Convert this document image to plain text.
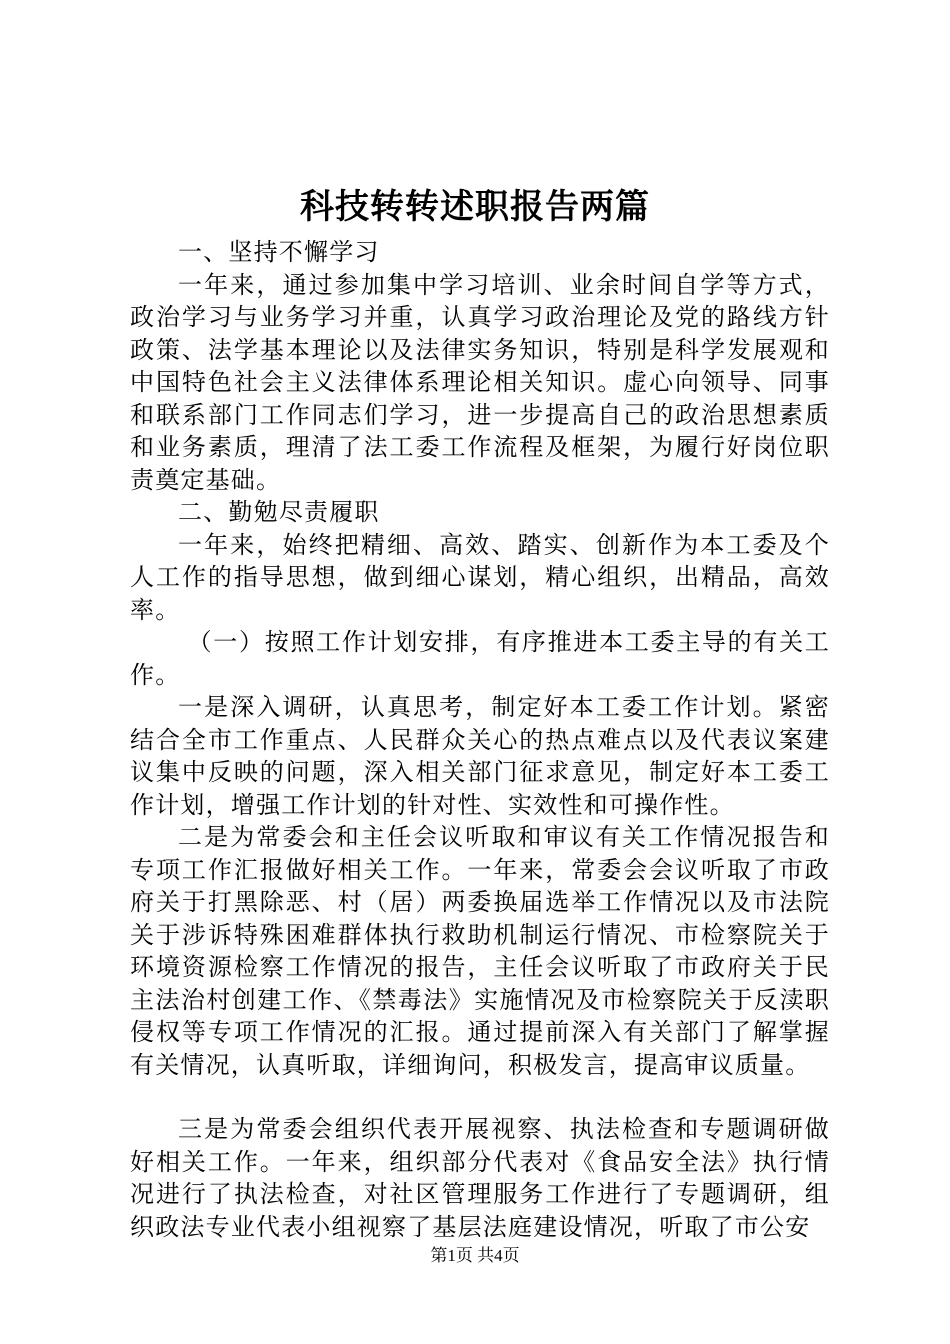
科技转转述职报告两篇

一、坚持不懈学习

一年来，通过参加集中学习培训、业余时间自学等方式，政治学习与业务学习并重，认真学习政治理论及党的路线方针政策、法学基本理论以及法律实务知识，特别是科学发展观和中国特色社会主义法律体系理论相关知识。虚心向领导、同事和联系部门工作同志们学习，进一步提高自己的政治思想素质和业务素质，理清了法工委工作流程及框架，为履行好岗位职责奠定基础。

二、勤勉尽责履职

一年来，始终把精细、高效、踏实、创新作为本工委及个人工作的指导思想，做到细心谋划，精心组织，出精品，高效率。

（一）按照工作计划安排，有序推进本工委主导的有关工作。

一是深入调研，认真思考，制定好本工委工作计划。紧密结合全市工作重点、人民群众关心的热点难点以及代表议案建议集中反映的问题，深入相关部门征求意见，制定好本工委工作计划，增强工作计划的针对性、实效性和可操作性。

二是为常委会和主任会议听取和审议有关工作情况报告和专项工作汇报做好相关工作。一年来，常委会会议听取了市政府关于打黑除恶、村（居）两委换届选举工作情况以及市法院关于涉诉特殊困难群体执行救助机制运行情况、市检察院关于环境资源检察工作情况的报告，主任会议听取了市政府关于民主法治村创建工作、《禁毒法》实施情况及市检察院关于反渎职侵权等专项工作情况的汇报。通过提前深入有关部门了解掌握有关情况，认真听取，详细询问，积极发言，提高审议质量。

三是为常委会组织代表开展视察、执法检查和专题调研做好相关工作。一年来，组织部分代表对《食品安全法》执行情况进行了执法检查，对社区管理服务工作进行了专题调研，组织政法专业代表小组视察了基层法庭建设情况，听取了市公安

第1页 共4页
